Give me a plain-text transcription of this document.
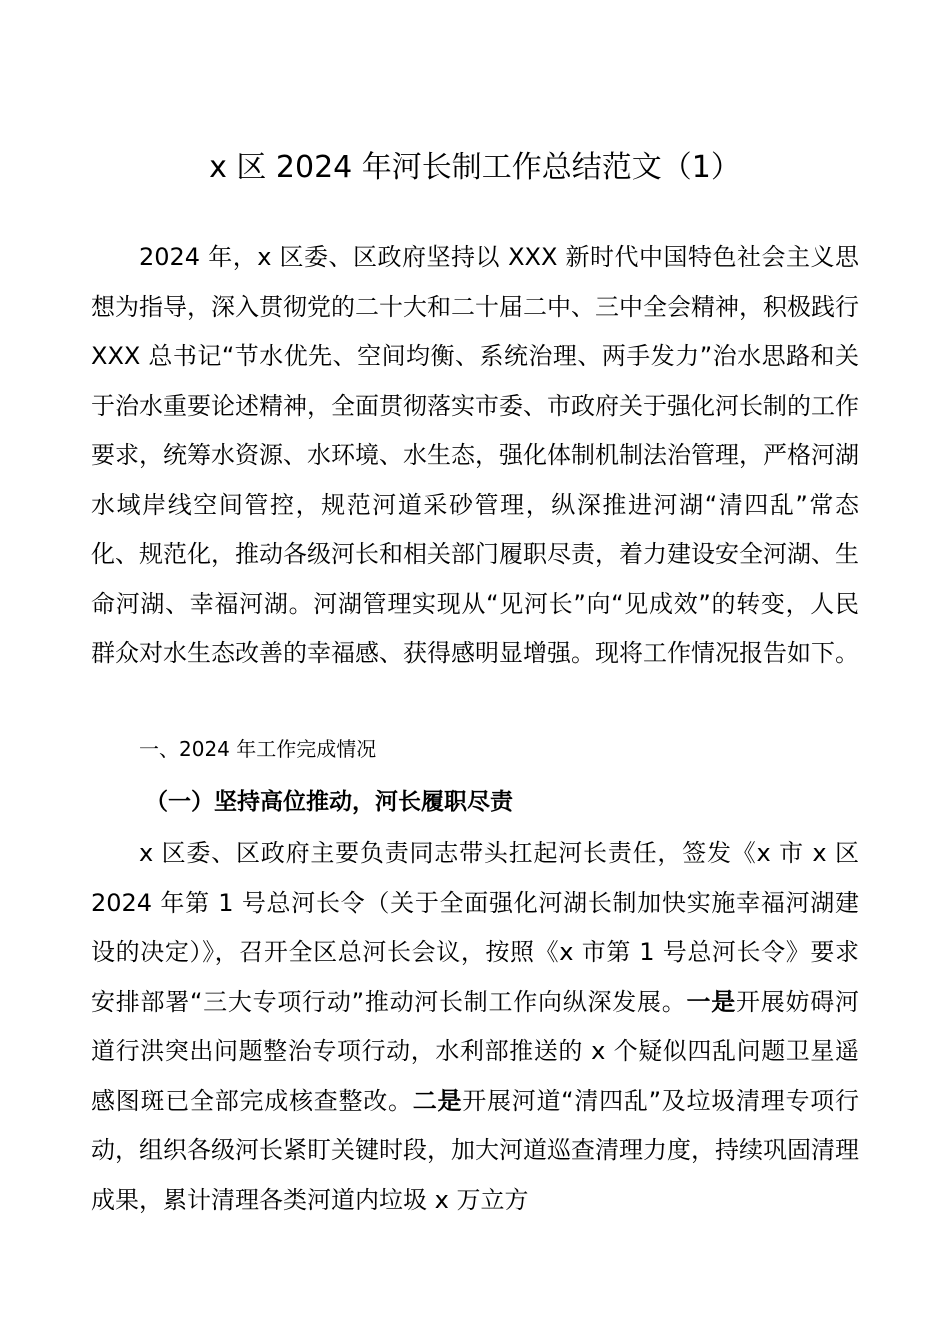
x 区 2024 年河长制工作总结范文（1）

2024 年，x 区委、区政府坚持以 XXX 新时代中国特色社会主义思想为指导，深入贯彻党的二十大和二十届二中、三中全会精神，积极践行 XXX 总书记“节水优先、空间均衡、系统治理、两手发力”治水思路和关于治水重要论述精神，全面贯彻落实市委、市政府关于强化河长制的工作要求，统筹水资源、水环境、水生态，强化体制机制法治管理，严格河湖水域岸线空间管控，规范河道采砂管理，纵深推进河湖“清四乱”常态化、规范化，推动各级河长和相关部门履职尽责，着力建设安全河湖、生命河湖、幸福河湖。河湖管理实现从“见河长”向“见成效”的转变，人民群众对水生态改善的幸福感、获得感明显增强。现将工作情况报告如下。

一、2024 年工作完成情况
（一）坚持高位推动，河长履职尽责

x 区委、区政府主要负责同志带头扛起河长责任，签发《x 市 x 区 2024 年第 1 号总河长令（关于全面强化河湖长制加快实施幸福河湖建设的决定）》，召开全区总河长会议，按照《x 市第 1 号总河长令》要求安排部署“三大专项行动”推动河长制工作向纵深发展。一是开展妨碍河道行洪突出问题整治专项行动，水利部推送的 x 个疑似四乱问题卫星遥感图斑已全部完成核查整改。二是开展河道“清四乱”及垃圾清理专项行动，组织各级河长紧盯关键时段，加大河道巡查清理力度，持续巩固清理成果，累计清理各类河道内垃圾 x 万立方
